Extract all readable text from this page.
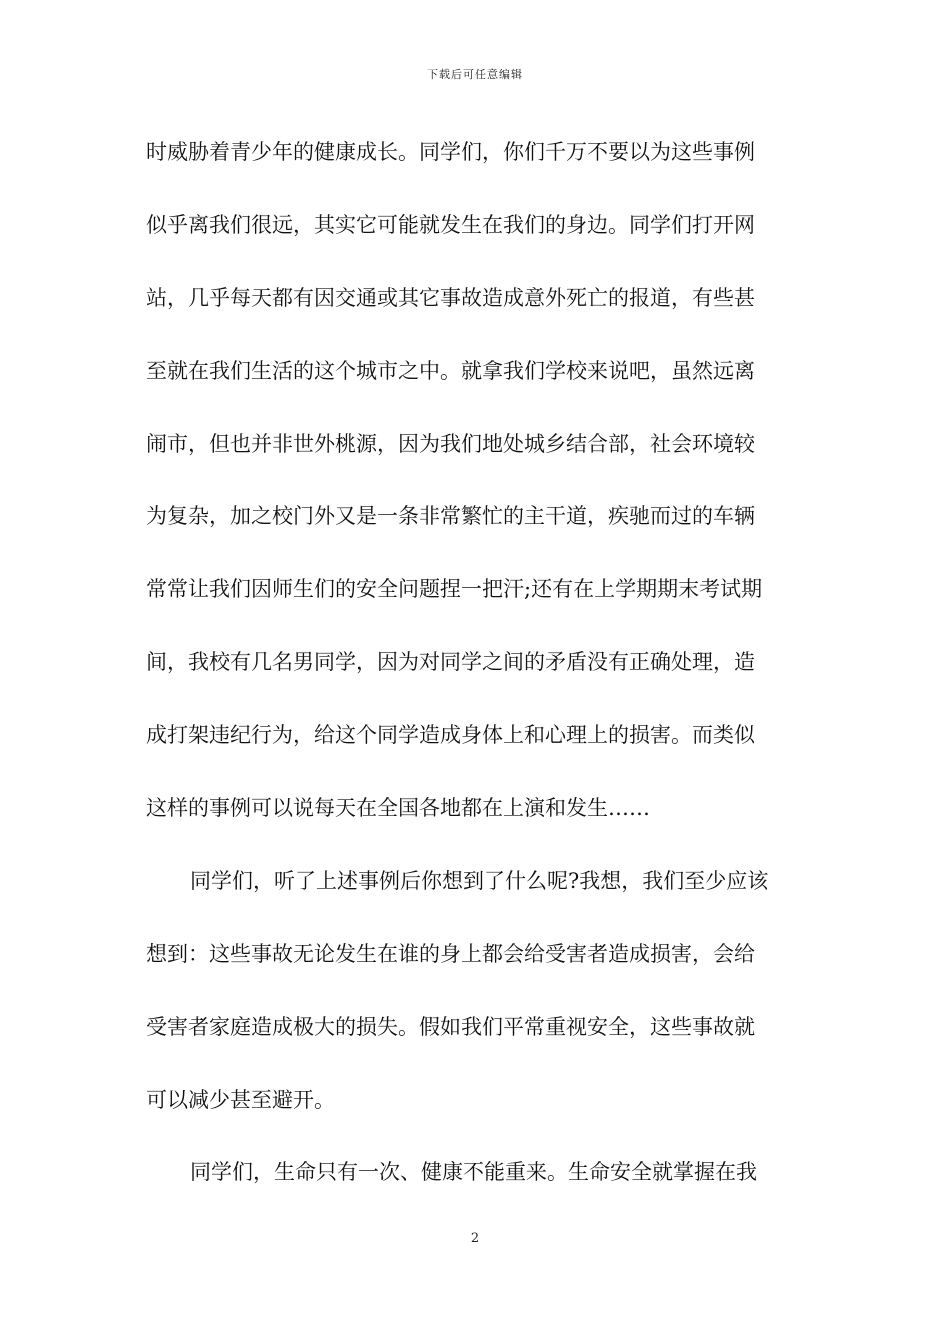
下载后可任意编辑
时威胁着青少年的健康成长。同学们，你们千万不要以为这些事例
似乎离我们很远，其实它可能就发生在我们的身边。同学们打开网
站，几乎每天都有因交通或其它事故造成意外死亡的报道，有些甚
至就在我们生活的这个城市之中。就拿我们学校来说吧，虽然远离
闹市，但也并非世外桃源，因为我们地处城乡结合部，社会环境较
为复杂，加之校门外又是一条非常繁忙的主干道，疾驰而过的车辆
常常让我们因师生们的安全问题捏一把汗;还有在上学期期末考试期
间，我校有几名男同学，因为对同学之间的矛盾没有正确处理，造
成打架违纪行为，给这个同学造成身体上和心理上的损害。而类似
这样的事例可以说每天在全国各地都在上演和发生……
同学们，听了上述事例后你想到了什么呢?我想，我们至少应该
想到：这些事故无论发生在谁的身上都会给受害者造成损害，会给
受害者家庭造成极大的损失。假如我们平常重视安全，这些事故就
可以减少甚至避开。
同学们，生命只有一次、健康不能重来。生命安全就掌握在我
2
